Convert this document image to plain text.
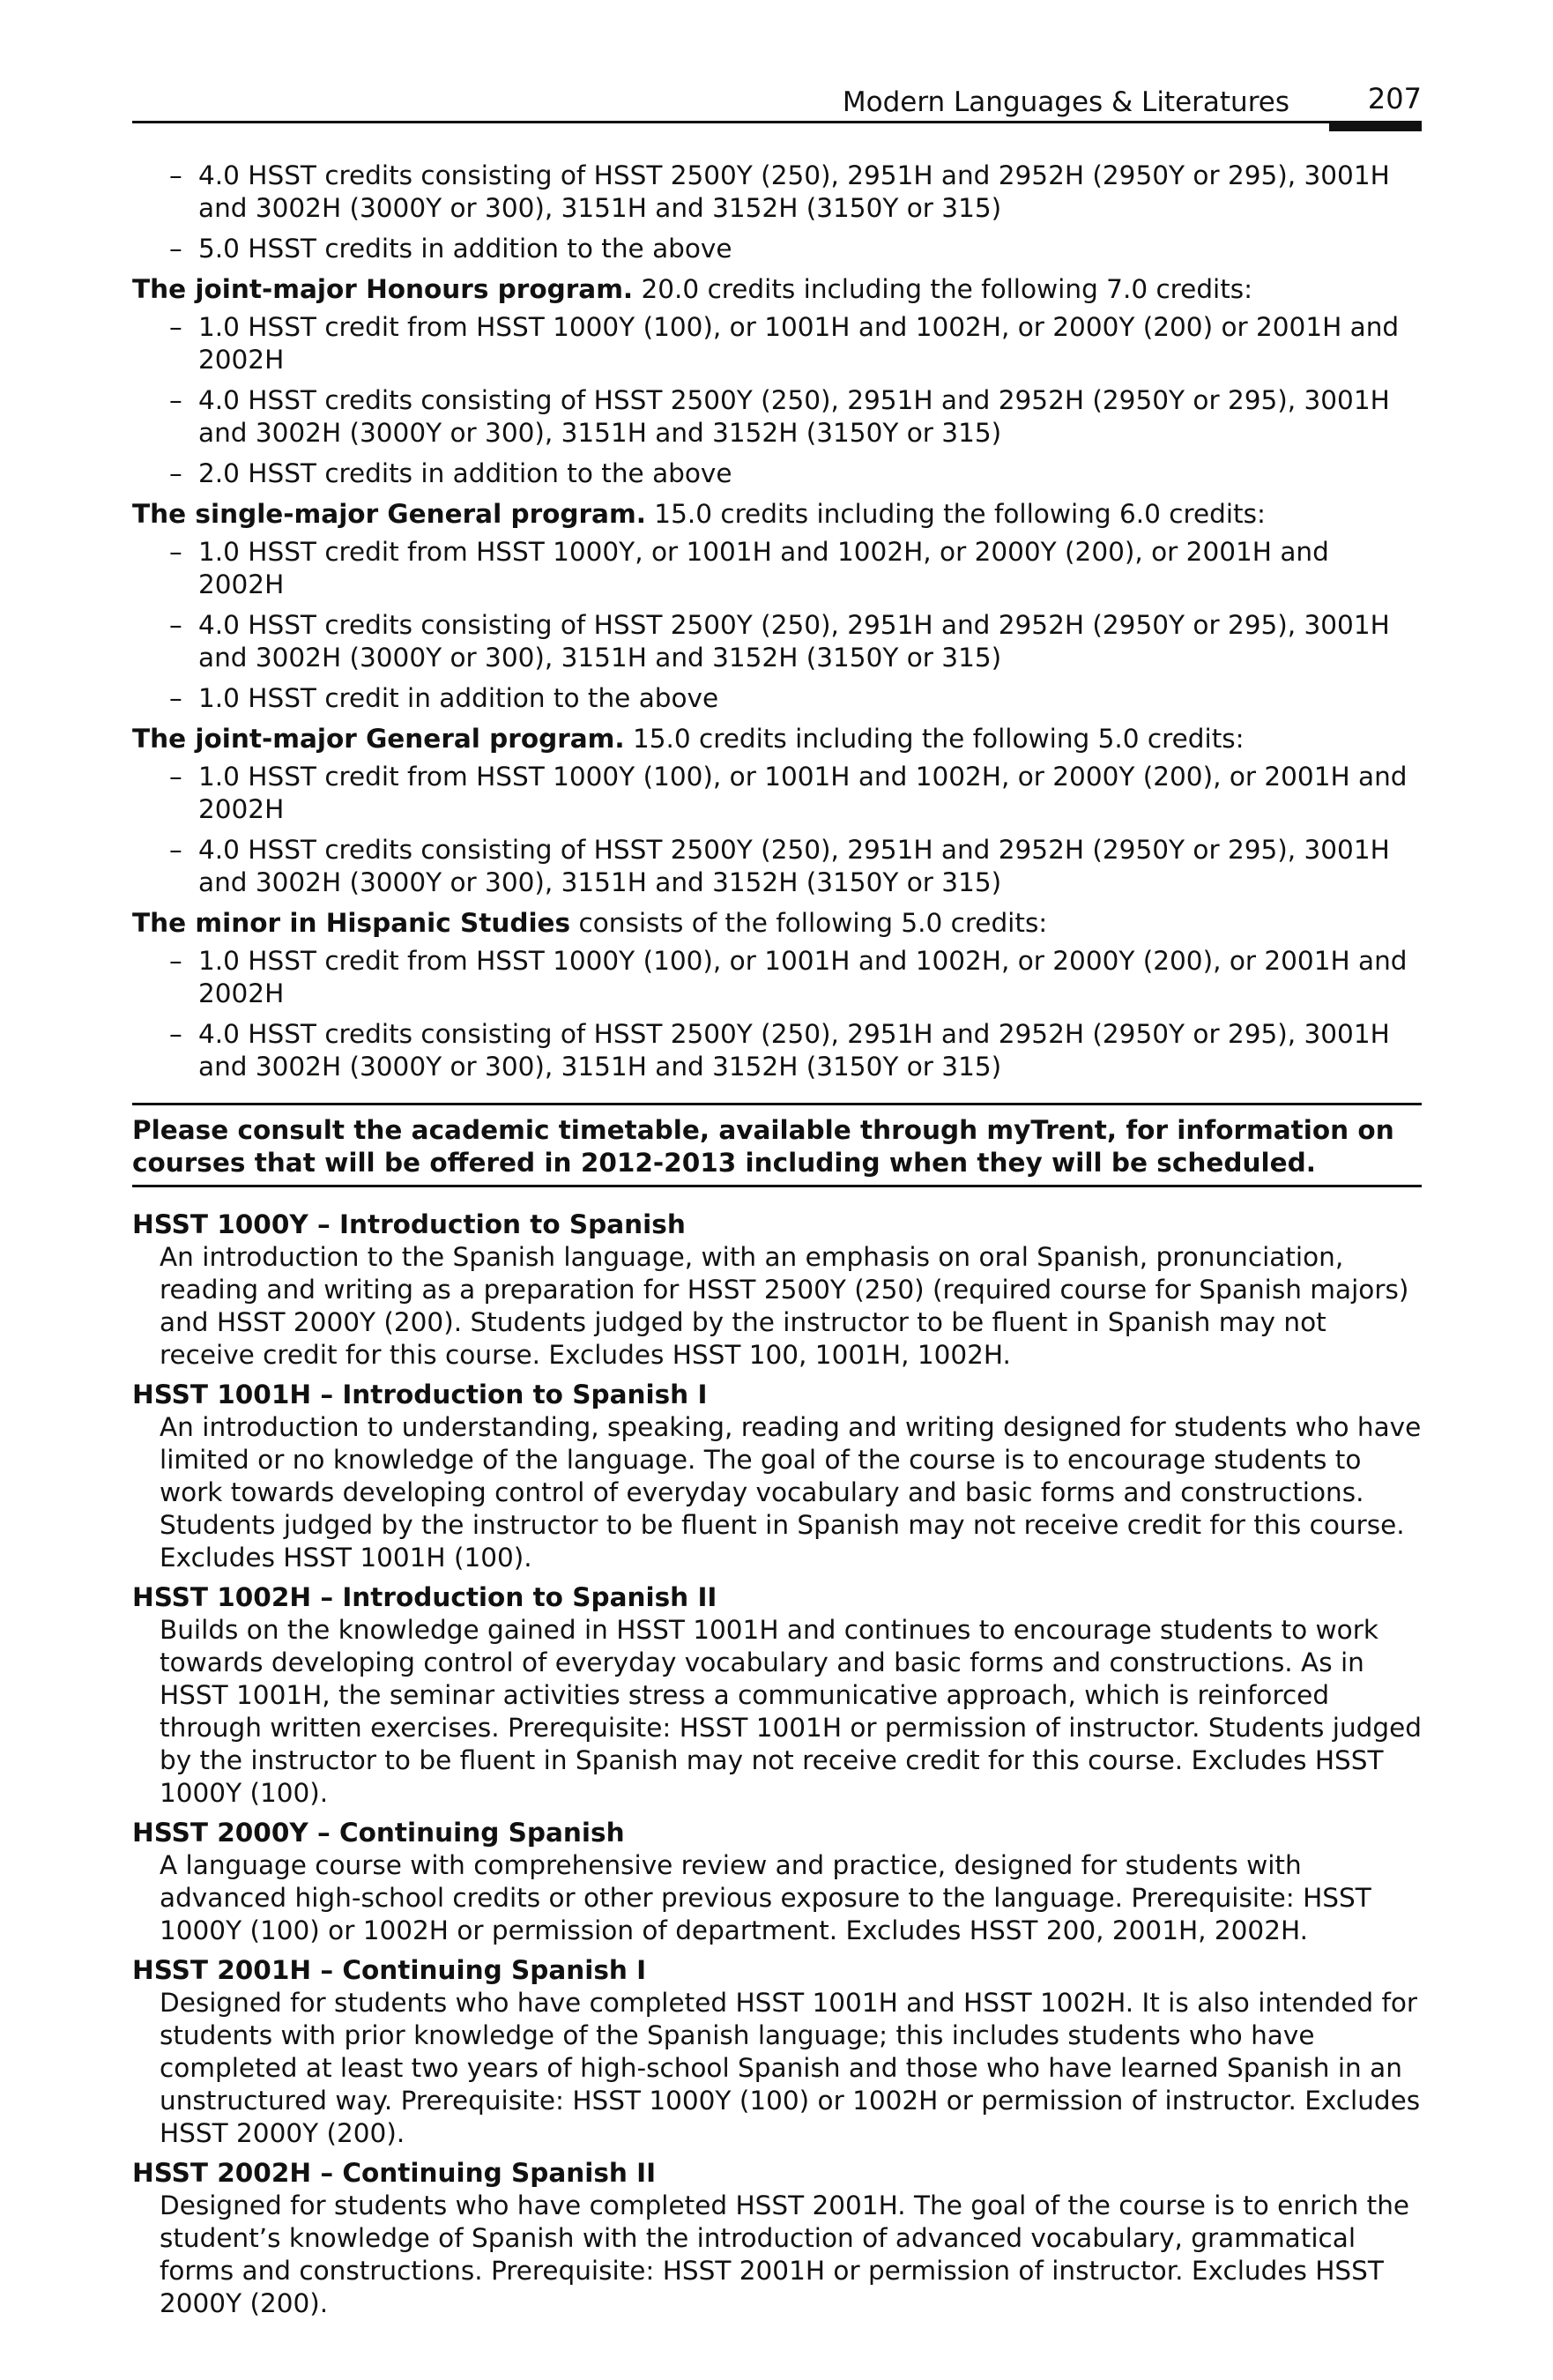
Modern Languages & Literatures	207
– 4.0 HSST credits consisting of HSST 2500Y (250), 2951H and 2952H (2950Y or 295), 3001H and 3002H (3000Y or 300), 3151H and 3152H (3150Y or 315)
– 5.0 HSST credits in addition to the above

The joint-major Honours program. 20.0 credits including the following 7.0 credits:

– 1.0 HSST credit from HSST 1000Y (100), or 1001H and 1002H, or 2000Y (200) or 2001H and 2002H
– 4.0 HSST credits consisting of HSST 2500Y (250), 2951H and 2952H (2950Y or 295), 3001H and 3002H (3000Y or 300), 3151H and 3152H (3150Y or 315)
– 2.0 HSST credits in addition to the above

The single-major General program. 15.0 credits including the following 6.0 credits:

– 1.0 HSST credit from HSST 1000Y, or 1001H and 1002H, or 2000Y (200), or 2001H and 2002H
– 4.0 HSST credits consisting of HSST 2500Y (250), 2951H and 2952H (2950Y or 295), 3001H and 3002H (3000Y or 300), 3151H and 3152H (3150Y or 315)
– 1.0 HSST credit in addition to the above

The joint-major General program. 15.0 credits including the following 5.0 credits:

– 1.0 HSST credit from HSST 1000Y (100), or 1001H and 1002H, or 2000Y (200), or 2001H and 2002H
– 4.0 HSST credits consisting of HSST 2500Y (250), 2951H and 2952H (2950Y or 295), 3001H and 3002H (3000Y or 300), 3151H and 3152H (3150Y or 315)

The minor in Hispanic Studies consists of the following 5.0 credits:

– 1.0 HSST credit from HSST 1000Y (100), or 1001H and 1002H, or 2000Y (200), or 2001H and 2002H
– 4.0 HSST credits consisting of HSST 2500Y (250), 2951H and 2952H (2950Y or 295), 3001H and 3002H (3000Y or 300), 3151H and 3152H (3150Y or 315)
Please consult the academic timetable, available through myTrent, for information on courses that will be offered in 2012-2013 including when they will be scheduled.

HSST 1000Y – Introduction to Spanish

An introduction to the Spanish language, with an emphasis on oral Spanish, pronunciation, reading and writing as a preparation for HSST 2500Y (250) (required course for Spanish majors) and HSST 2000Y (200). Students judged by the instructor to be fluent in Spanish may not receive credit for this course. Excludes HSST 100, 1001H, 1002H.

HSST 1001H – Introduction to Spanish I

An introduction to understanding, speaking, reading and writing designed for students who have limited or no knowledge of the language. The goal of the course is to encourage students to work towards developing control of everyday vocabulary and basic forms and constructions. Students judged by the instructor to be fluent in Spanish may not receive credit for this course. Excludes HSST 1001H (100).

HSST 1002H – Introduction to Spanish II

Builds on the knowledge gained in HSST 1001H and continues to encourage students to work towards developing control of everyday vocabulary and basic forms and constructions. As in HSST 1001H, the seminar activities stress a communicative approach, which is reinforced through written exercises. Prerequisite: HSST 1001H or permission of instructor. Students judged by the instructor to be fluent in Spanish may not receive credit for this course. Excludes HSST 1000Y (100).

HSST 2000Y – Continuing Spanish

A language course with comprehensive review and practice, designed for students with advanced high-school credits or other previous exposure to the language. Prerequisite: HSST 1000Y (100) or 1002H or permission of department. Excludes HSST 200, 2001H, 2002H.

HSST 2001H – Continuing Spanish I

Designed for students who have completed HSST 1001H and HSST 1002H. It is also intended for students with prior knowledge of the Spanish language; this includes students who have completed at least two years of high-school Spanish and those who have learned Spanish in an unstructured way. Prerequisite: HSST 1000Y (100) or 1002H or permission of instructor. Excludes HSST 2000Y (200).

HSST 2002H – Continuing Spanish II

Designed for students who have completed HSST 2001H. The goal of the course is to enrich the student’s knowledge of Spanish with the introduction of advanced vocabulary, grammatical forms and constructions. Prerequisite: HSST 2001H or permission of instructor. Excludes HSST 2000Y (200).
